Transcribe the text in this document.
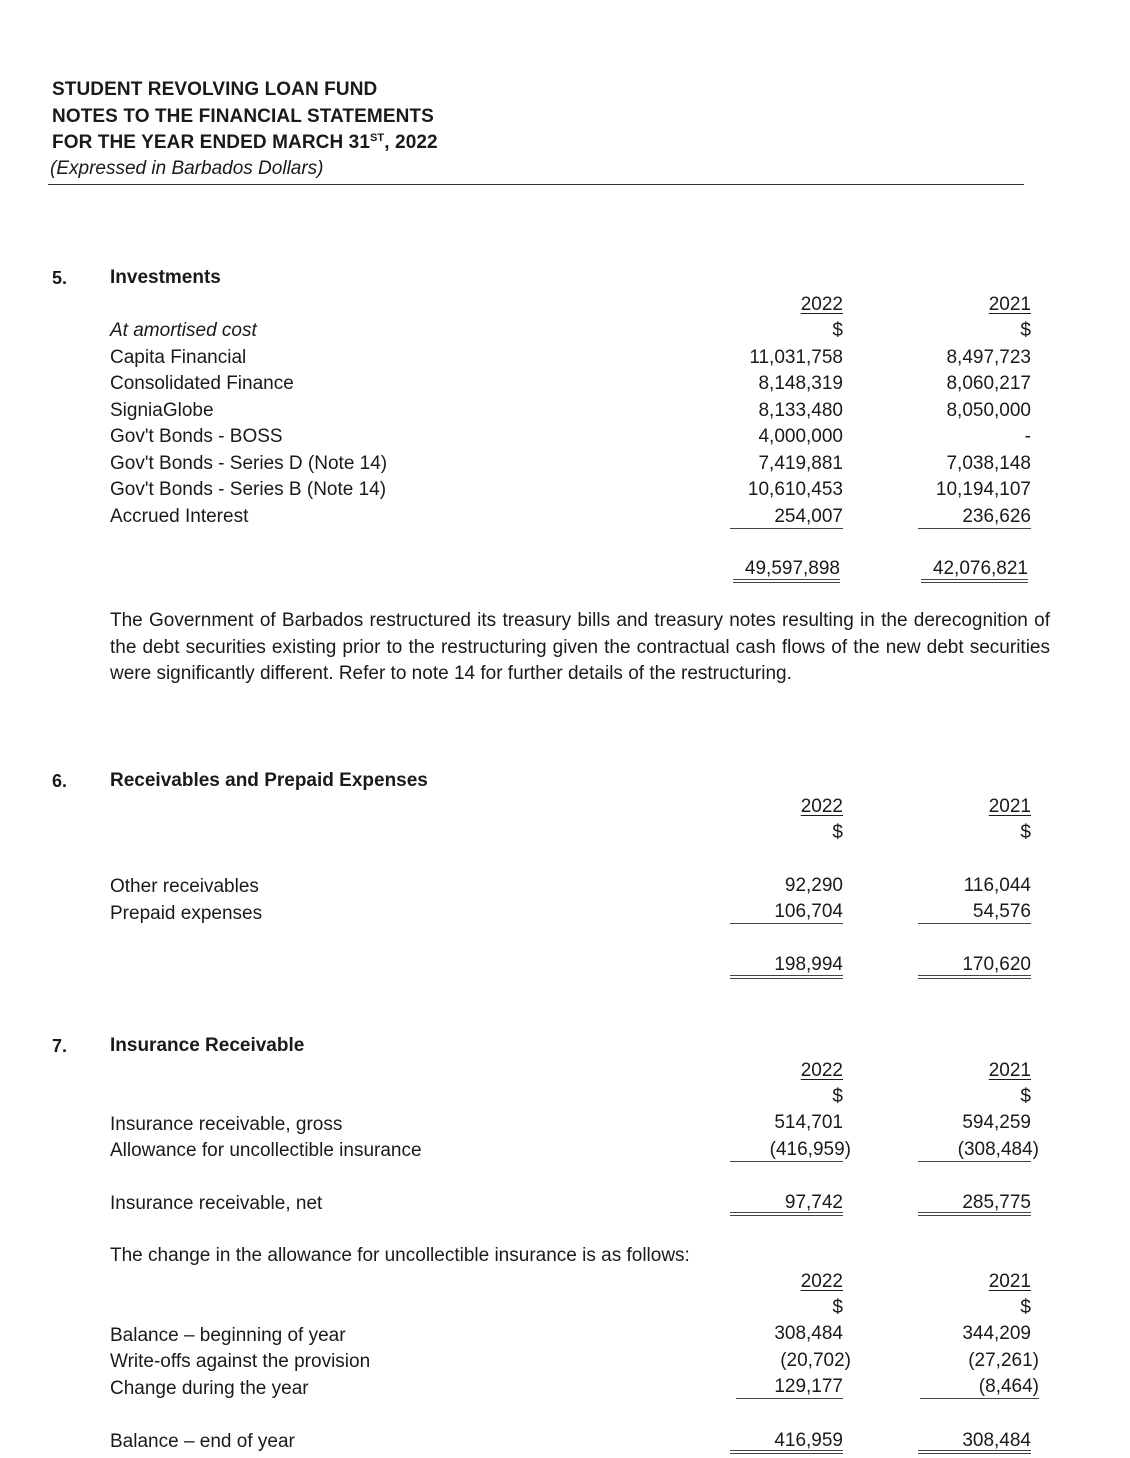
STUDENT REVOLVING LOAN FUND
NOTES TO THE FINANCIAL STATEMENTS
FOR THE YEAR ENDED MARCH 31ST, 2022
(Expressed in Barbados Dollars)
5. Investments
2022	2021
$	$
At amortised cost
Capita Financial	11,031,758	8,497,723
Consolidated Finance	8,148,319	8,060,217
SigniaGlobe	8,133,480	8,050,000
Gov't Bonds - BOSS	4,000,000	-
Gov't Bonds - Series D (Note 14)	7,419,881	7,038,148
Gov't Bonds - Series B (Note 14)	10,610,453	10,194,107
Accrued Interest	254,007	236,626
49,597,898	42,076,821
The Government of Barbados restructured its treasury bills and treasury notes resulting in the derecognition of the debt securities existing prior to the restructuring given the contractual cash flows of the new debt securities were significantly different. Refer to note 14 for further details of the restructuring.
6. Receivables and Prepaid Expenses
2022	2021
$	$
Other receivables	92,290	116,044
Prepaid expenses	106,704	54,576
198,994	170,620
7. Insurance Receivable
2022	2021
$	$
Insurance receivable, gross	514,701	594,259
Allowance for uncollectible insurance	(416,959)	(308,484)
Insurance receivable, net	97,742	285,775
The change in the allowance for uncollectible insurance is as follows:
2022	2021
$	$
Balance – beginning of year	308,484	344,209
Write-offs against the provision	(20,702)	(27,261)
Change during the year	129,177	(8,464)
Balance – end of year	416,959	308,484
